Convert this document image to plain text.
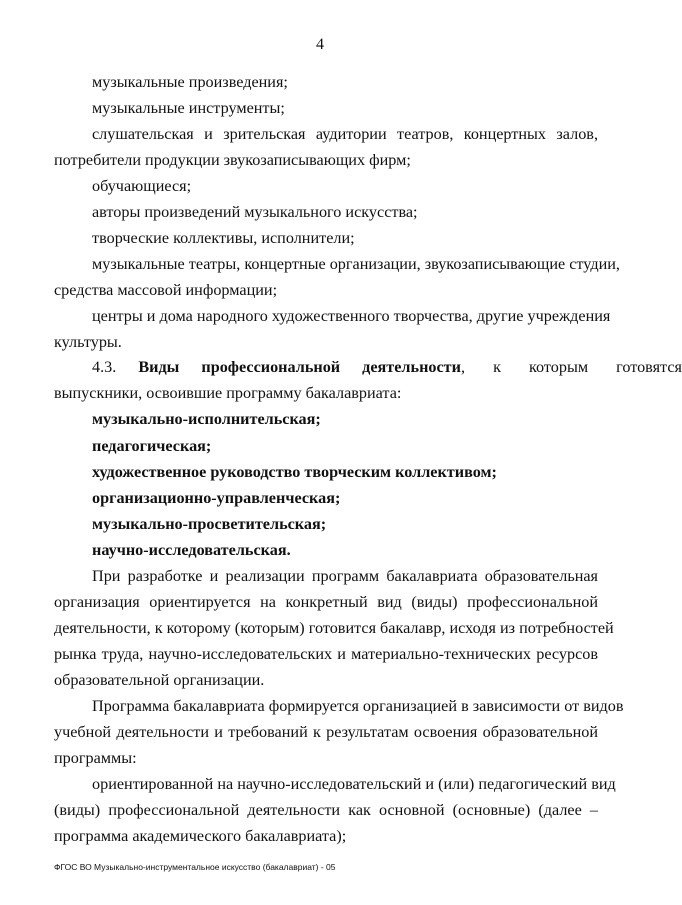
4
музыкальные произведения;
музыкальные инструменты;
слушательская и зрительская аудитории театров, концертных залов,
потребители продукции звукозаписывающих фирм;
обучающиеся;
авторы произведений музыкального искусства;
творческие коллективы, исполнители;
музыкальные театры, концертные организации, звукозаписывающие студии,
средства массовой информации;
центры и дома народного художественного творчества, другие учреждения
культуры.
4.3. Виды профессиональной деятельности, к которым готовятся
выпускники, освоившие программу бакалавриата:
музыкально-исполнительская;
педагогическая;
художественное руководство творческим коллективом;
организационно-управленческая;
музыкально-просветительская;
научно-исследовательская.
При разработке и реализации программ бакалавриата образовательная
организация ориентируется на конкретный вид (виды) профессиональной
деятельности, к которому (которым) готовится бакалавр, исходя из потребностей
рынка труда, научно-исследовательских и материально-технических ресурсов
образовательной организации.
Программа бакалавриата формируется организацией в зависимости от видов
учебной деятельности и требований к результатам освоения образовательной
программы:
ориентированной на научно-исследовательский и (или) педагогический вид
(виды) профессиональной деятельности как основной (основные) (далее –
программа академического бакалавриата);
ФГОС ВО Музыкально-инструментальное искусство (бакалавриат) - 05
